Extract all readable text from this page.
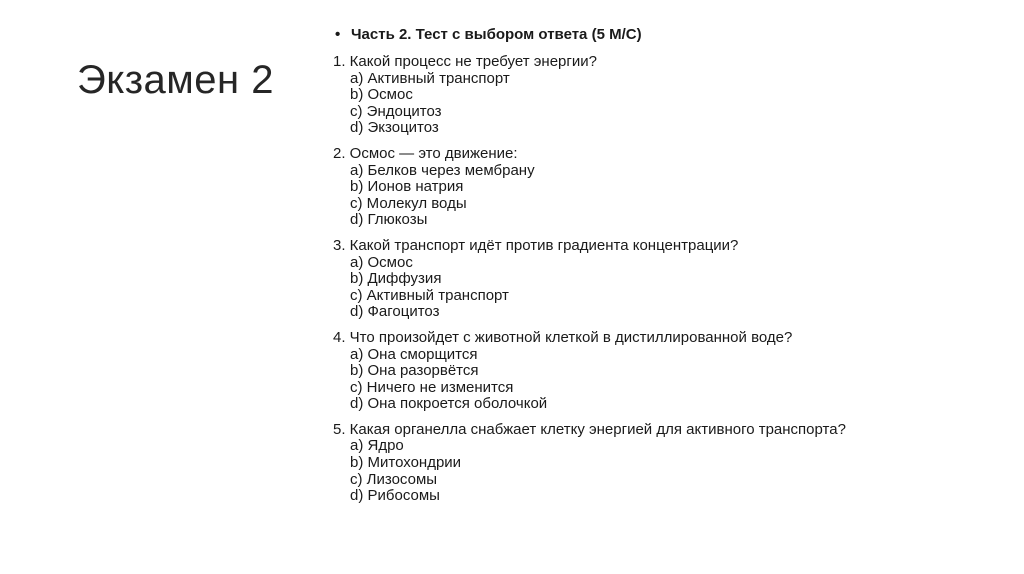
Экзамен 2
• Часть 2. Тест с выбором ответа (5 М/С)
1. Какой процесс не требует энергии?
a) Активный транспорт
b) Осмос
c) Эндоцитоз
d) Экзоцитоз
2. Осмос — это движение:
a) Белков через мембрану
b) Ионов натрия
c) Молекул воды
d) Глюкозы
3. Какой транспорт идёт против градиента концентрации?
a) Осмос
b) Диффузия
c) Активный транспорт
d) Фагоцитоз
4. Что произойдет с животной клеткой в дистиллированной воде?
a) Она сморщится
b) Она разорвётся
c) Ничего не изменится
d) Она покроется оболочкой
5. Какая органелла снабжает клетку энергией для активного транспорта?
a) Ядро
b) Митохондрии
c) Лизосомы
d) Рибосомы
